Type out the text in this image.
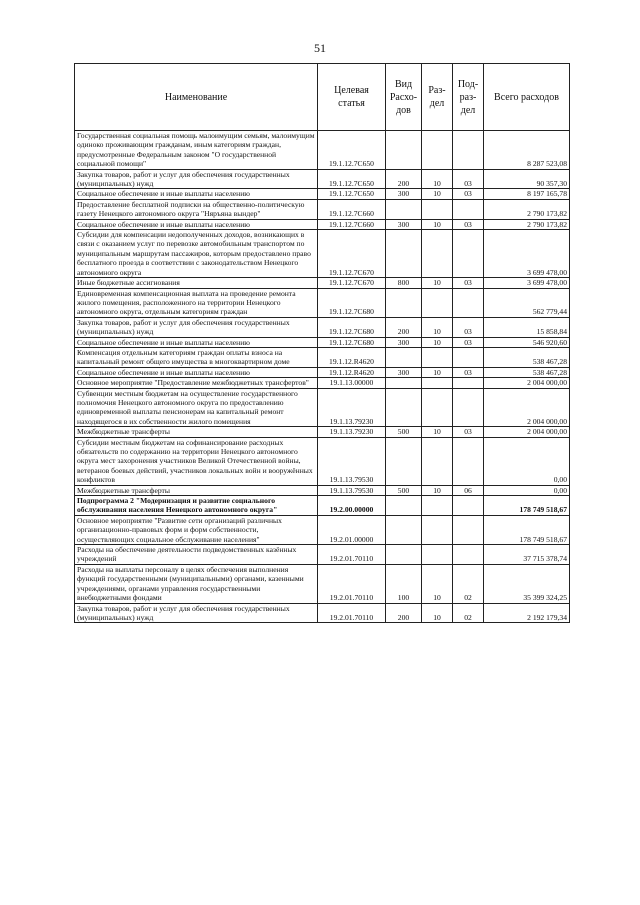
51
Наименование	Целевая статья	Вид Расхо-дов	Раз-дел	Под-раз-дел	Всего расходов
Государственная социальная помощь малоимущим семьям, малоимущим одиноко проживающим гражданам, иным категориям граждан, предусмотренные Федеральным законом "О государственной социальной помощи"	19.1.12.7С650				8 287 523,08
Закупка товаров, работ и услуг для обеспечения государственных (муниципальных) нужд	19.1.12.7С650	200	10	03	90 357,30
Социальное обеспечение и иные выплаты населению	19.1.12.7С650	300	10	03	8 197 165,78
Предоставление бесплатной подписки на общественно-политическую газету Ненецкого автономного округа "Няръяна вындер"	19.1.12.7С660				2 790 173,82
Социальное обеспечение и иные выплаты населению	19.1.12.7С660	300	10	03	2 790 173,82
Субсидии для компенсации недополученных доходов, возникающих в связи с оказанием услуг по перевозке автомобильным транспортом по муниципальным маршрутам пассажиров, которым предоставлено право бесплатного проезда в соответствии с законодательством Ненецкого автономного округа	19.1.12.7С670				3 699 478,00
Иные бюджетные ассигнования	19.1.12.7С670	800	10	03	3 699 478,00
Единовременная компенсационная выплата на проведение ремонта жилого помещения, расположенного на территории Ненецкого автономного округа, отдельным категориям граждан	19.1.12.7С680				562 779,44
Закупка товаров, работ и услуг для обеспечения государственных (муниципальных) нужд	19.1.12.7С680	200	10	03	15 858,84
Социальное обеспечение и иные выплаты населению	19.1.12.7С680	300	10	03	546 920,60
Компенсация отдельным категориям граждан оплаты взноса на капитальный ремонт общего имущества в многоквартирном доме	19.1.12.R4620				538 467,28
Социальное обеспечение и иные выплаты населению	19.1.12.R4620	300	10	03	538 467,28
Основное мероприятие "Предоставление межбюджетных трансфертов"	19.1.13.00000				2 004 000,00
Субвенции местным бюджетам на осуществление государственного полномочия Ненецкого автономного округа по предоставлению единовременной выплаты пенсионерам на капитальный ремонт находящегося в их собственности жилого помещения	19.1.13.79230				2 004 000,00
Межбюджетные трансферты	19.1.13.79230	500	10	03	2 004 000,00
Субсидии местным бюджетам на софинансирование расходных обязательств по содержанию на территории Ненецкого автономного округа мест захоронения участников Великой Отечественной войны, ветеранов боевых действий, участников локальных войн и вооружённых конфликтов	19.1.13.79530				0,00
Межбюджетные трансферты	19.1.13.79530	500	10	06	0,00
Подпрограмма 2 "Модернизация и развитие социального обслуживания населения Ненецкого автономного округа"	19.2.00.00000				178 749 518,67
Основное мероприятие "Развитие сети организаций различных организационно-правовых форм и форм собственности, осуществляющих социальное обслуживание населения"	19.2.01.00000				178 749 518,67
Расходы на обеспечение деятельности подведомственных казённых учреждений	19.2.01.70110				37 715 378,74
Расходы на выплаты персоналу в целях обеспечения выполнения функций государственными (муниципальными) органами, казенными учреждениями, органами управления государственными внебюджетными фондами	19.2.01.70110	100	10	02	35 399 324,25
Закупка товаров, работ и услуг для обеспечения государственных (муниципальных) нужд	19.2.01.70110	200	10	02	2 192 179,34
